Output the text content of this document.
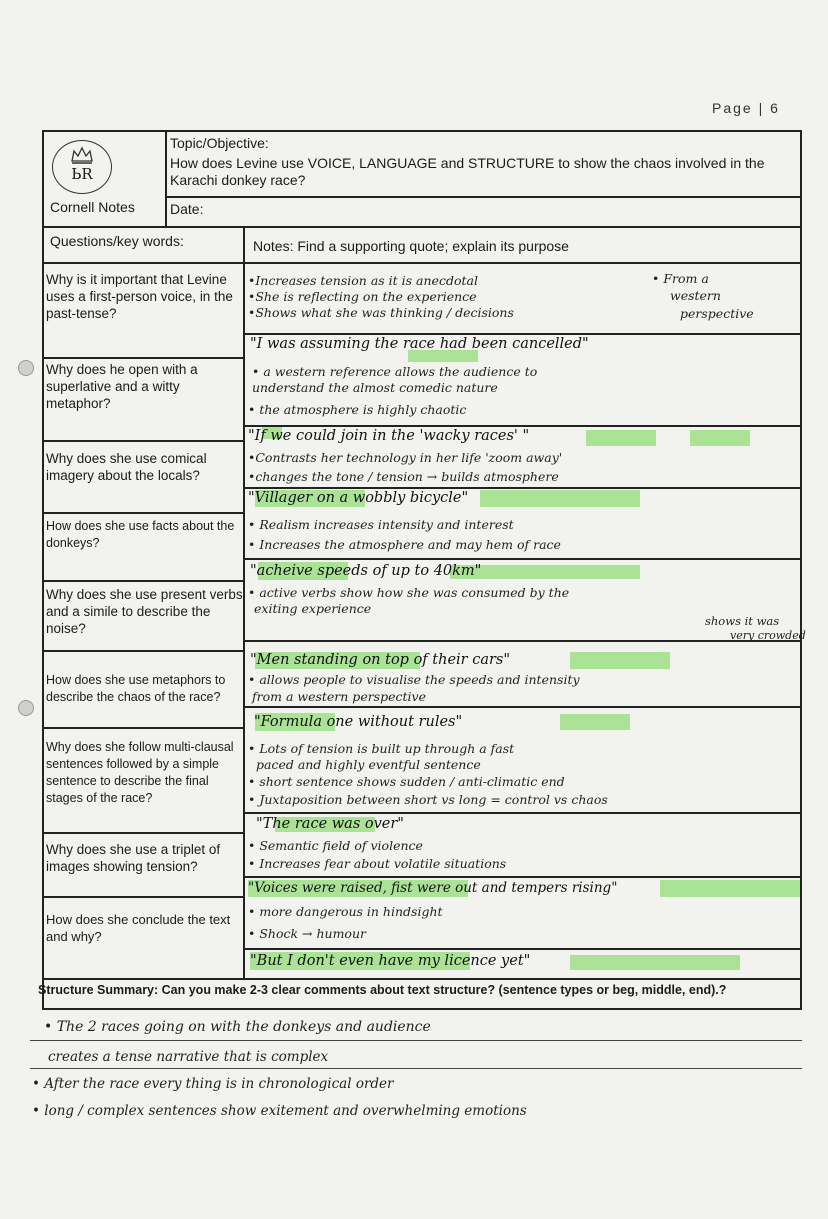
Page | 6
ЬR
Cornell Notes
Topic/Objective:
How does Levine use VOICE, LANGUAGE and STRUCTURE to show the chaos involved in the Karachi donkey race?
Date:
Questions/key words:	Notes: Find a supporting quote; explain its purpose
Why is it important that Levine uses a first-person voice, in the past-tense?
Why does he open with a superlative and a witty metaphor?
Why does she use comical imagery about the locals?
How does she use facts about the donkeys?
Why does she use present verbs and a simile to describe the noise?
How does she use metaphors to describe the chaos of the race?
Why does she follow multi-clausal sentences followed by a simple sentence to describe the final stages of the race?
Why does she use a triplet of images showing tension?
How does she conclude the text and why?
•Increases tension as it is anecdotal
•She is reflecting on the experience
•Shows what she was thinking / decisions
• From a
western
perspective
"I was assuming the race had been cancelled"
• a western reference allows the audience to
understand the almost comedic nature
• the atmosphere is highly chaotic
"If we could join in the 'wacky races' "
•Contrasts her technology in her life 'zoom away'
•changes the tone / tension → builds atmosphere
"Villager on a wobbly bicycle"
• Realism increases intensity and interest
• Increases the atmosphere and may hem of race
"acheive speeds of up to 40km"
• active verbs show how she was consumed by the
exiting experience
shows it was
very crowded
"Men standing on top of their cars"
• allows people to visualise the speeds and intensity
from a western perspective
"Formula one without rules"
• Lots of tension is built up through a fast
paced and highly eventful sentence
• short sentence shows sudden / anti-climatic end
• Juxtaposition between short vs long = control vs chaos
"The race was over"
• Semantic field of violence
• Increases fear about volatile situations
"Voices were raised, fist were out and tempers rising"
• more dangerous in hindsight
• Shock → humour
"But I don't even have my licence yet"
Structure Summary: Can you make 2-3 clear comments about text structure? (sentence types or beg, middle, end).?
• The 2 races going on with the donkeys and audience
creates a tense narrative that is complex
• After the race every thing is in chronological order
• long / complex sentences show exitement and overwhelming emotions
